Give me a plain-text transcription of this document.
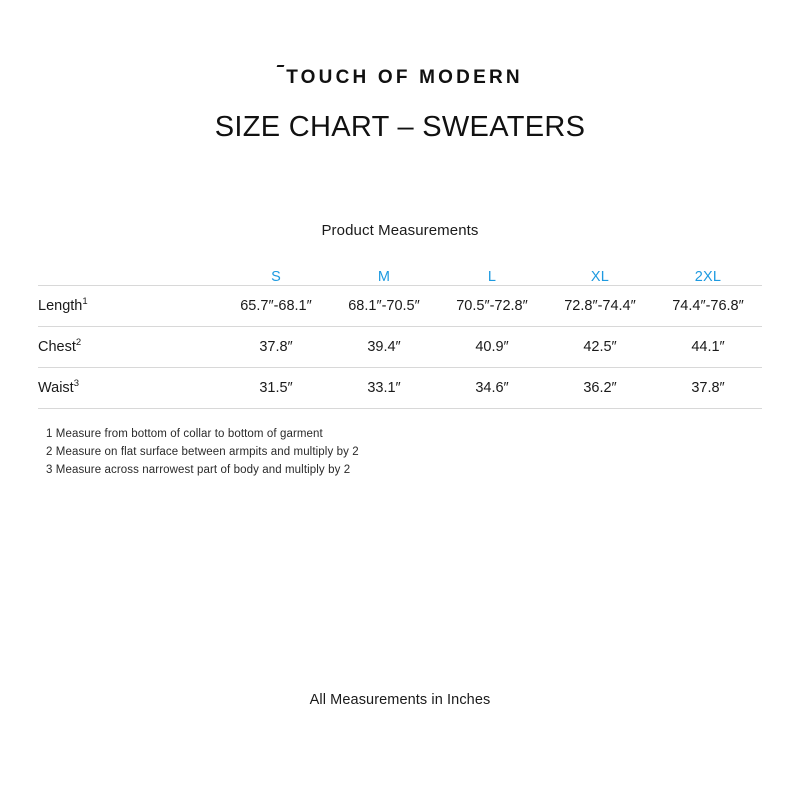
TOUCH OF MODERN
SIZE CHART – SWEATERS
Product Measurements
	S	M	L	XL	2XL
Length$^1$	65.7″-68.1″	68.1″-70.5″	70.5″-72.8″	72.8″-74.4″	74.4″-76.8″
Chest$^2$	37.8″	39.4″	40.9″	42.5″	44.1″
Waist$^3$	31.5″	33.1″	34.6″	36.2″	37.8″
1 Measure from bottom of collar to bottom of garment
2 Measure on flat surface between armpits and multiply by 2
3 Measure across narrowest part of body and multiply by 2
All Measurements in Inches
